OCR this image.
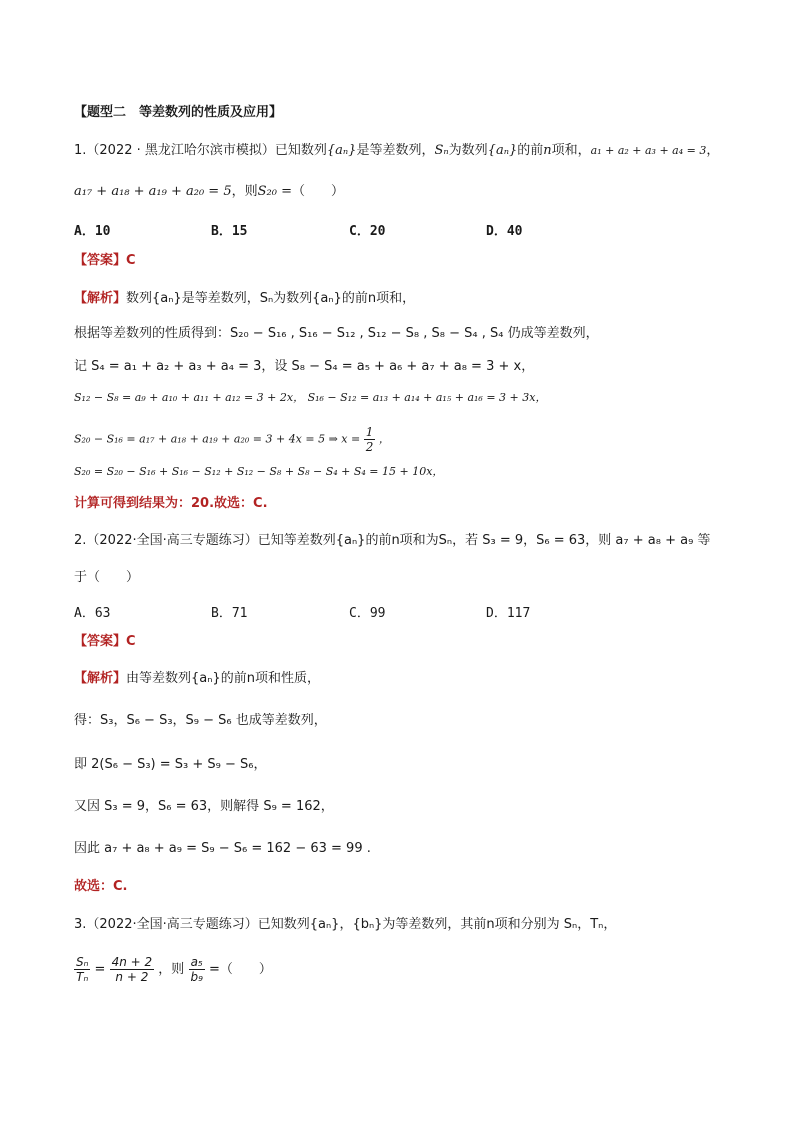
【题型二　等差数列的性质及应用】
1.（2022 · 黑龙江哈尔滨市模拟）已知数列{aₙ}是等差数列，Sₙ为数列{aₙ}的前n项和，a₁ + a₂ + a₃ + a₄ = 3，
a₁₇ + a₁₈ + a₁₉ + a₂₀ = 5，则S₂₀ =（　　）
A．10	B．15	C．20	D．40
【答案】C
【解析】数列{aₙ}是等差数列，Sₙ为数列{aₙ}的前n项和，
根据等差数列的性质得到：S₂₀ − S₁₆ , S₁₆ − S₁₂ , S₁₂ − S₈ , S₈ − S₄ , S₄ 仍成等差数列，
记 S₄ = a₁ + a₂ + a₃ + a₄ = 3，设 S₈ − S₄ = a₅ + a₆ + a₇ + a₈ = 3 + x，
S₁₂ − S₈ = a₉ + a₁₀ + a₁₁ + a₁₂ = 3 + 2x， S₁₆ − S₁₂ = a₁₃ + a₁₄ + a₁₅ + a₁₆ = 3 + 3x，
S₂₀ − S₁₆ = a₁₇ + a₁₈ + a₁₉ + a₂₀ = 3 + 4x = 5 ⇒ $x = \frac{1}{2}$ ，
S₂₀ = S₂₀ − S₁₆ + S₁₆ − S₁₂ + S₁₂ − S₈ + S₈ − S₄ + S₄ = 15 + 10x，
计算可得到结果为：20.故选：C.
2.（2022·全国·高三专题练习）已知等差数列{aₙ}的前n项和为Sₙ，若 S₃ = 9，S₆ = 63，则 a₇ + a₈ + a₉ 等
于（　　）
A．63	B．71	C．99	D．117
【答案】C
【解析】由等差数列{aₙ}的前n项和性质，
得：S₃，S₆ − S₃，S₉ − S₆ 也成等差数列，
即 2(S₆ − S₃) = S₃ + S₉ − S₆，
又因 S₃ = 9，S₆ = 63，则解得 S₉ = 162，
因此 a₇ + a₈ + a₉ = S₉ − S₆ = 162 − 63 = 99 .
故选：C.
3.（2022·全国·高三专题练习）已知数列{aₙ}，{bₙ}为等差数列，其前n项和分别为 Sₙ，Tₙ，
$\frac{\text{Sₙ}}{\text{Tₙ}} = \frac{4n + 2}{n + 2}$ ，则 $\frac{\text{a₅}}{\text{b₉}}$ =（　　）
